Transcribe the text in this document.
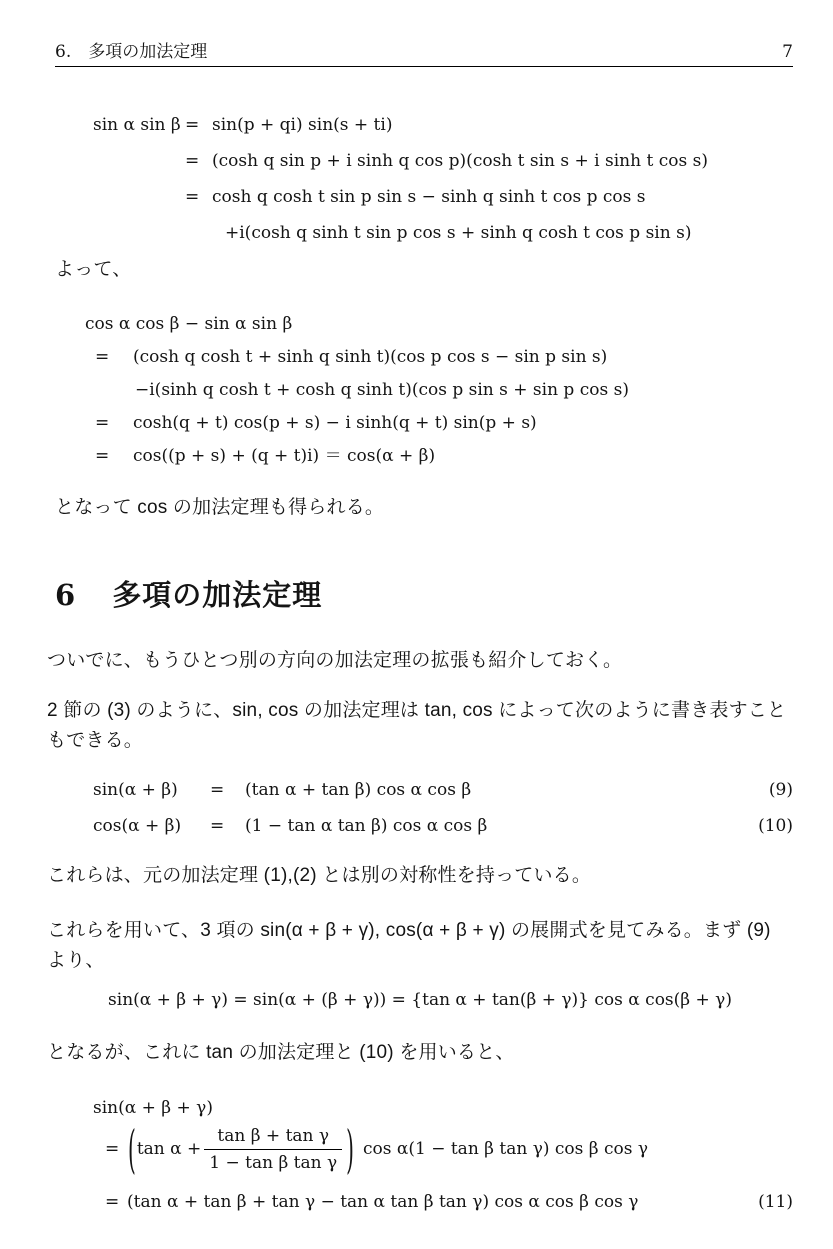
6.　多項の加法定理	7
sin α sin β = sin(p + qi) sin(s + ti)
= (cosh q sin p + i sinh q cos p)(cosh t sin s + i sinh t cos s)
= cosh q cosh t sin p sin s − sinh q sinh t cos p cos s
+i(cosh q sinh t sin p cos s + sinh q cosh t cos p sin s)

よって、

cos α cos β − sin α sin β
=	(cosh q cosh t + sinh q sinh t)(cos p cos s − sin p sin s)
−i(sinh q cosh t + cosh q sinh t)(cos p sin s + sin p cos s)
=	cosh(q + t) cos(p + s) − i sinh(q + t) sin(p + s)
=	cos((p + s) + (q + t)i) ＝ cos(α + β)

となって cos の加法定理も得られる。

6 多項の加法定理

ついでに、もうひとつ別の方向の加法定理の拡張も紹介しておく。

2 節の (3) のように、sin, cos の加法定理は tan, cos によって次のように書き表すこともできる。

sin(α + β)	=	(tan α + tan β) cos α cos β	(9)
cos(α + β)	=	(1 − tan α tan β) cos α cos β	(10)

これらは、元の加法定理 (1),(2) とは別の対称性を持っている。

これらを用いて、3 項の sin(α + β + γ), cos(α + β + γ) の展開式を見てみる。まず (9) より、

sin(α + β + γ) = sin(α + (β + γ)) = {tan α + tan(β + γ)} cos α cos(β + γ)

となるが、これに tan の加法定理と (10) を用いると、

sin(α + β + γ)
= ( $\tan \alpha + \frac{\text{tan β + tan γ}}{\text{1 − tan β tan γ}}$ ) cos α(1 − tan β tan γ) cos β cos γ
= (tan α + tan β + tan γ − tan α tan β tan γ) cos α cos β cos γ	(11)
